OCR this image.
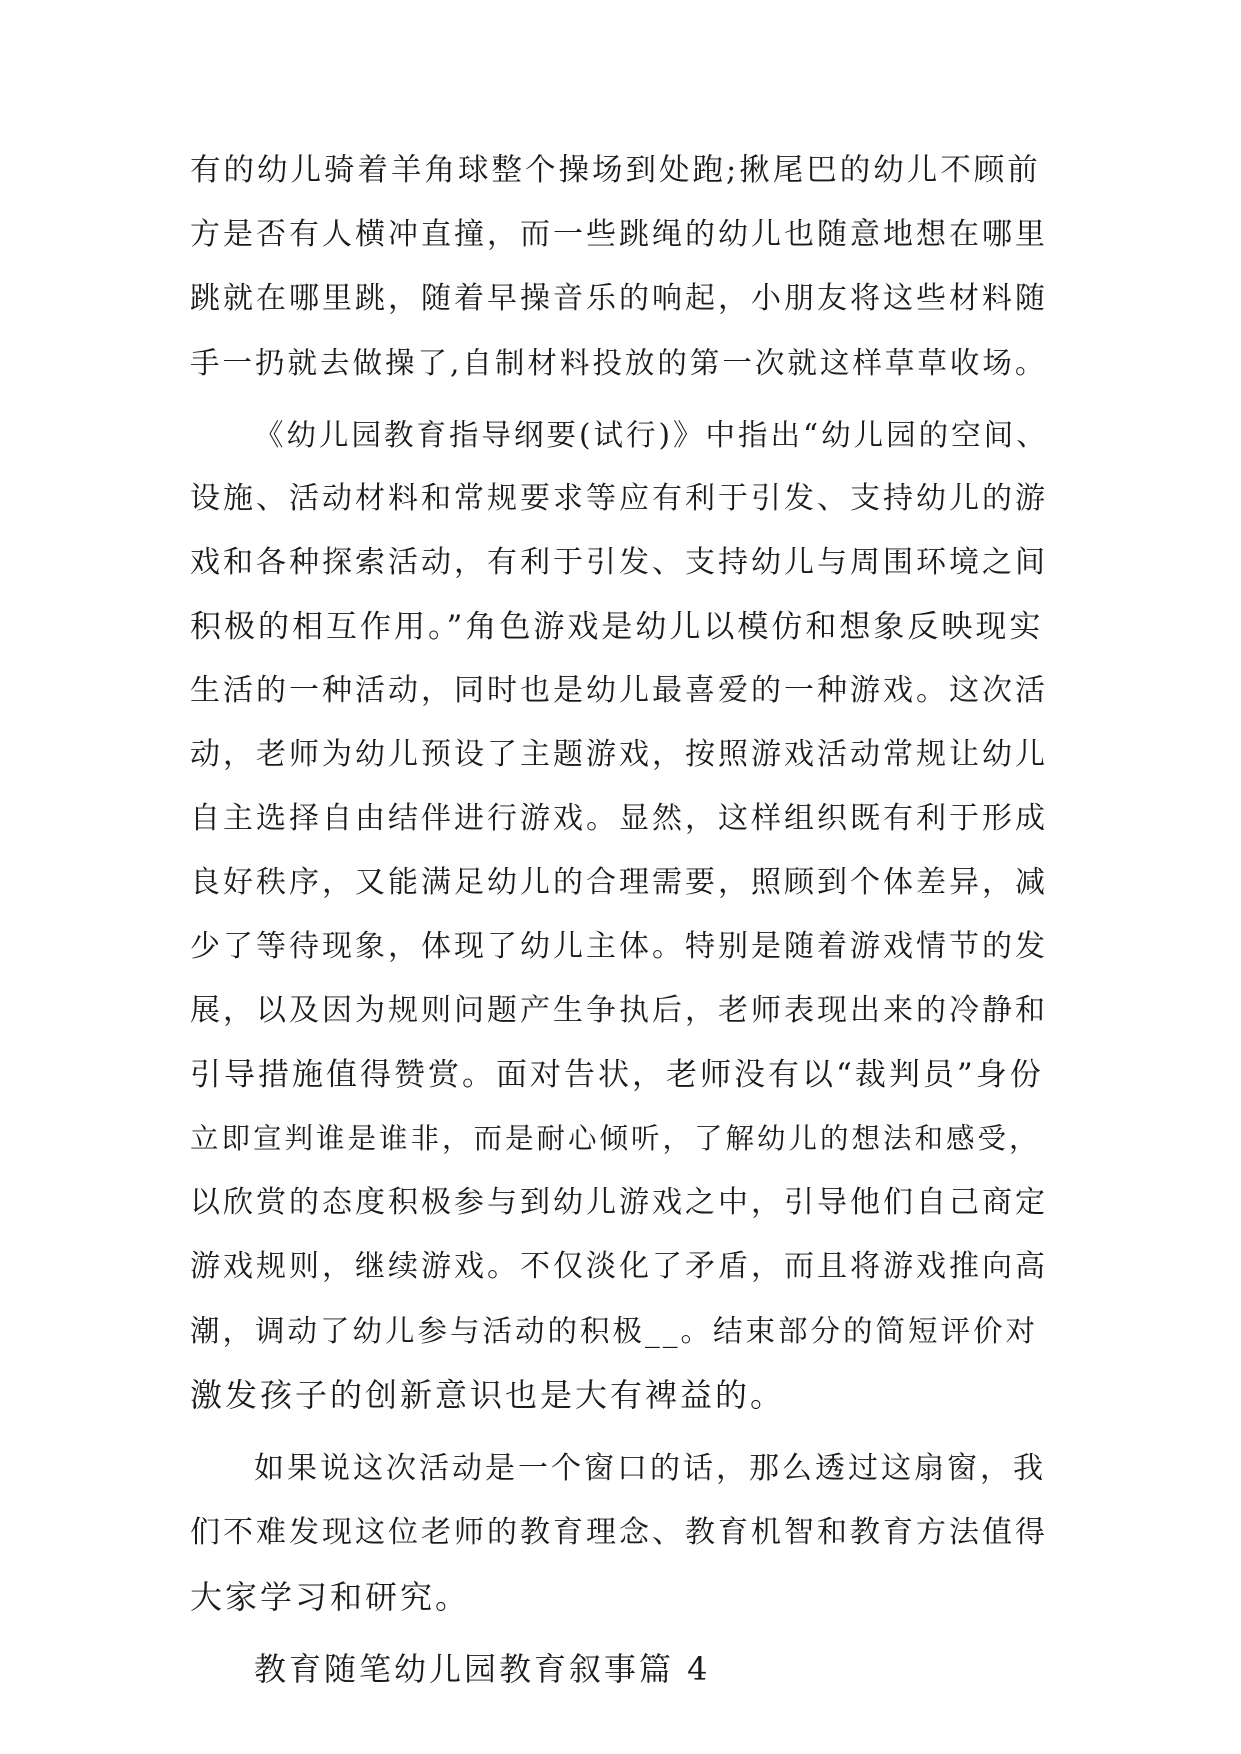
有的幼儿骑着羊角球整个操场到处跑;揪尾巴的幼儿不顾前
方是否有人横冲直撞，而一些跳绳的幼儿也随意地想在哪里
跳就在哪里跳，随着早操音乐的响起，小朋友将这些材料随
手一扔就去做操了,自制材料投放的第一次就这样草草收场。
《幼儿园教育指导纲要(试行)》中指出“幼儿园的空间、
设施、活动材料和常规要求等应有利于引发、支持幼儿的游
戏和各种探索活动，有利于引发、支持幼儿与周围环境之间
积极的相互作用。”角色游戏是幼儿以模仿和想象反映现实
生活的一种活动，同时也是幼儿最喜爱的一种游戏。这次活
动，老师为幼儿预设了主题游戏，按照游戏活动常规让幼儿
自主选择自由结伴进行游戏。显然，这样组织既有利于形成
良好秩序，又能满足幼儿的合理需要，照顾到个体差异，减
少了等待现象，体现了幼儿主体。特别是随着游戏情节的发
展，以及因为规则问题产生争执后，老师表现出来的冷静和
引导措施值得赞赏。面对告状，老师没有以“裁判员”身份
立即宣判谁是谁非，而是耐心倾听，了解幼儿的想法和感受，
以欣赏的态度积极参与到幼儿游戏之中，引导他们自己商定
游戏规则，继续游戏。不仅淡化了矛盾，而且将游戏推向高
潮，调动了幼儿参与活动的积极__。结束部分的简短评价对
激发孩子的创新意识也是大有裨益的。
如果说这次活动是一个窗口的话，那么透过这扇窗，我
们不难发现这位老师的教育理念、教育机智和教育方法值得
大家学习和研究。
教育随笔幼儿园教育叙事篇 4
